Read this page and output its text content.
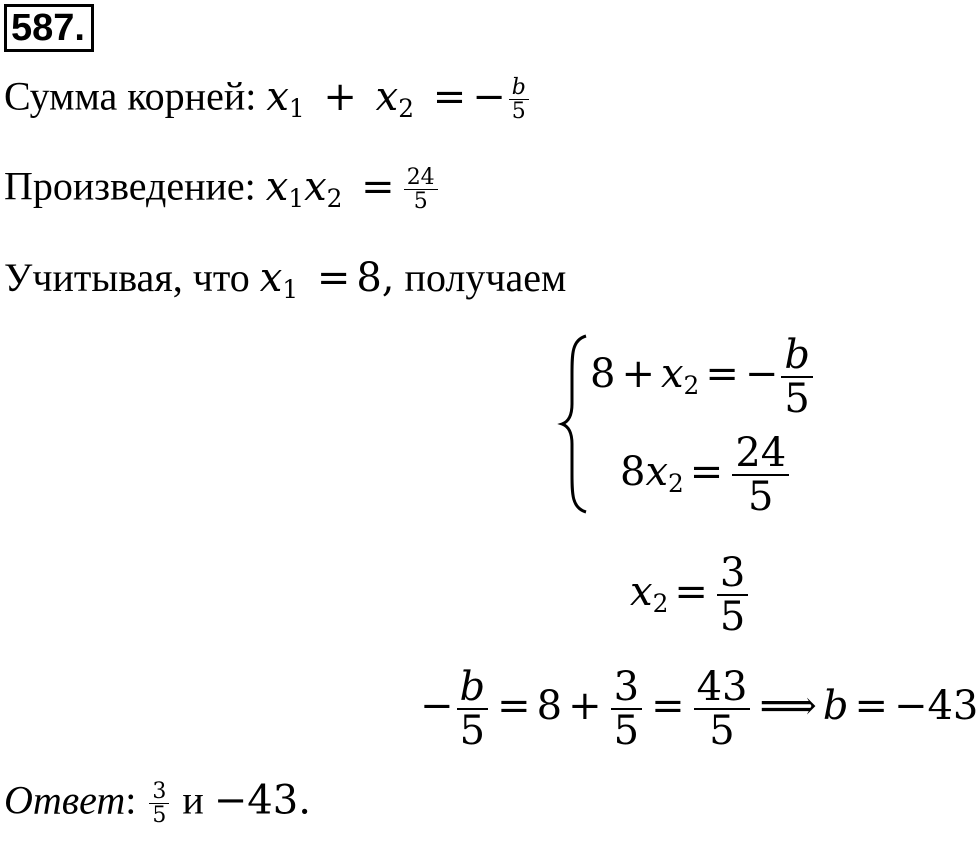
587.
Сумма корней: $x_1 + x_2$ = − $\frac{b}{5}$
Произведение: $x_1x_2 = \frac{24}{5}$
Учитывая, что $x_1 = 8$, получаем
$8 + x_2$ = − $\frac{b}{5}$
$8x_2 = \frac{24}{5}$
$x_2 = \frac{3}{5}$
− $\frac{b}{5} = 8 + \frac{3}{5} = \frac{43}{5}$ ⟹ b = −43
Ответ: $\frac{3}{5}$ и −43.
